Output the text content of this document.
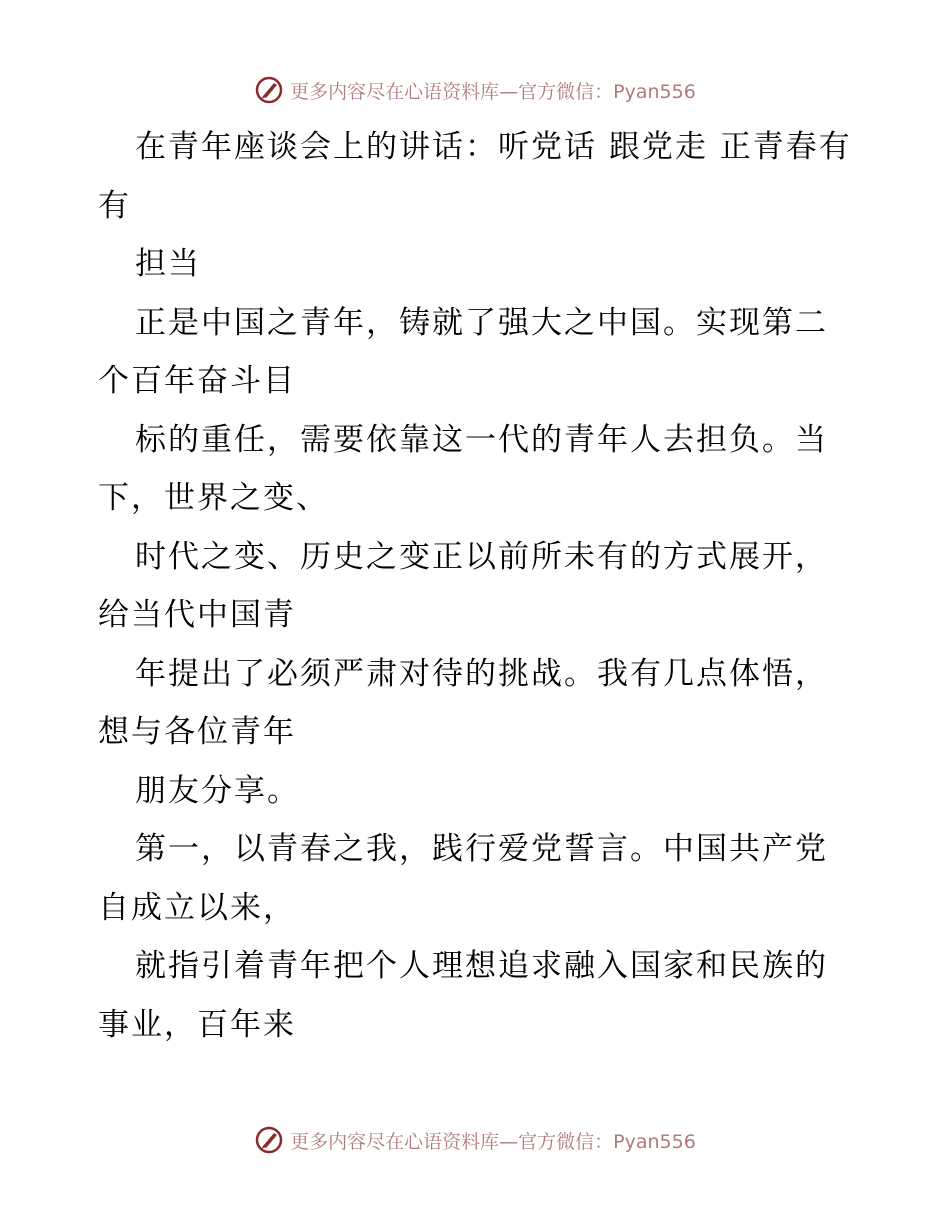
更多内容尽在心语资料库—官方微信：Pyan556
在青年座谈会上的讲话：听党话 跟党走 正青春有
有
担当
正是中国之青年，铸就了强大之中国。实现第二
个百年奋斗目
标的重任，需要依靠这一代的青年人去担负。当
下，世界之变、
时代之变、历史之变正以前所未有的方式展开，
给当代中国青
年提出了必须严肃对待的挑战。我有几点体悟，
想与各位青年
朋友分享。
第一，以青春之我，践行爱党誓言。中国共产党
自成立以来，
就指引着青年把个人理想追求融入国家和民族的
事业，百年来
更多内容尽在心语资料库—官方微信：Pyan556
